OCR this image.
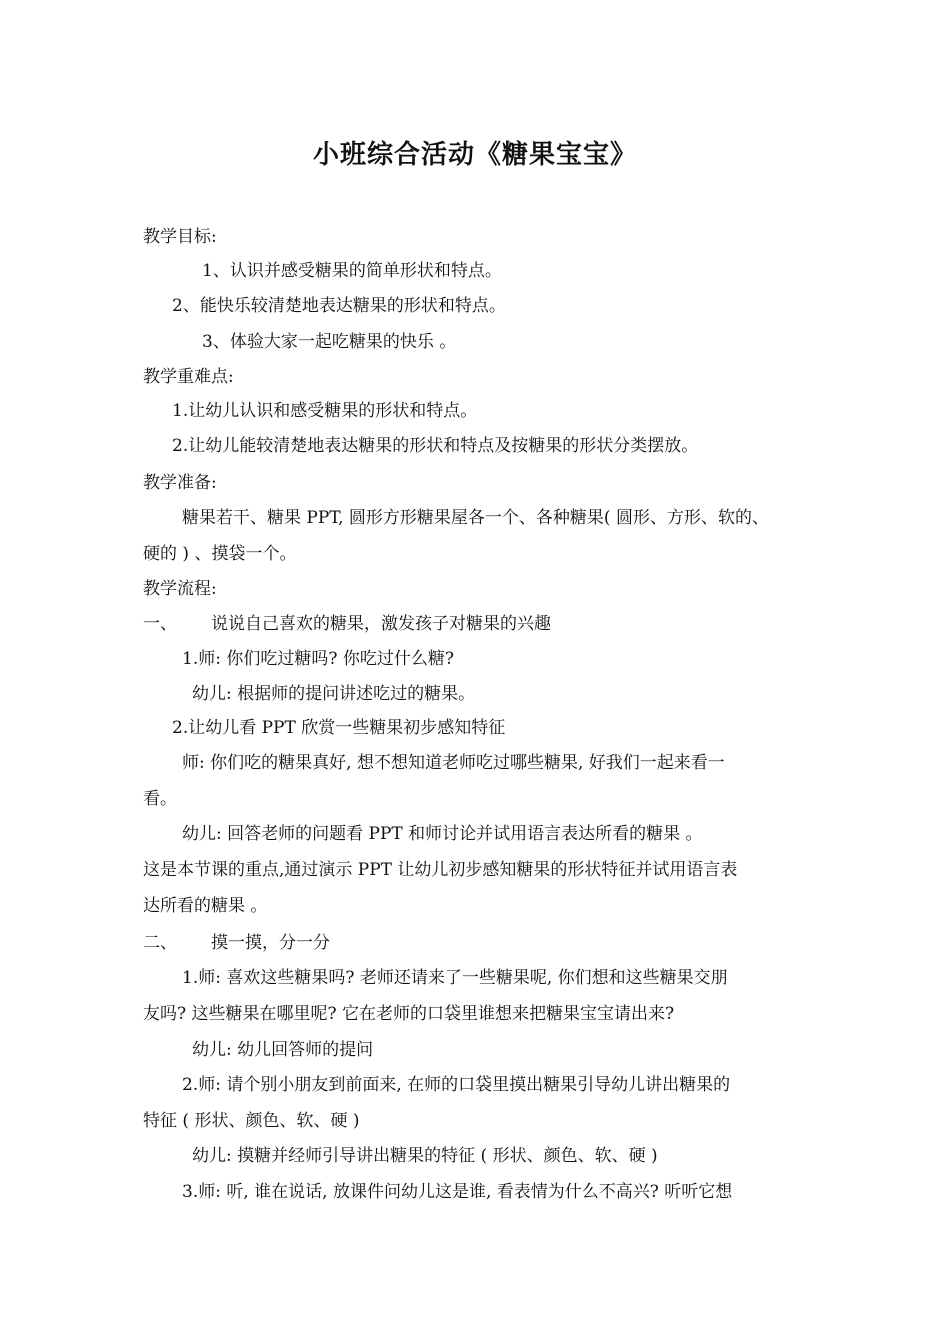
小班综合活动《糖果宝宝》
教学目标:
1、认识并感受糖果的简单形状和特点。
2、能快乐较清楚地表达糖果的形状和特点。
3、体验大家一起吃糖果的快乐 。
教学重难点:
1.让幼儿认识和感受糖果的形状和特点。
2.让幼儿能较清楚地表达糖果的形状和特点及按糖果的形状分类摆放。
教学准备:
糖果若干、糖果 PPT, 圆形方形糖果屋各一个、各种糖果( 圆形、方形、软的、
硬的 ) 、摸袋一个。
教学流程:
一、 说说自己喜欢的糖果，激发孩子对糖果的兴趣
1.师: 你们吃过糖吗? 你吃过什么糖?
幼儿: 根据师的提问讲述吃过的糖果。
2.让幼儿看 PPT 欣赏一些糖果初步感知特征
师: 你们吃的糖果真好, 想不想知道老师吃过哪些糖果, 好我们一起来看一
看。
幼儿: 回答老师的问题看 PPT 和师讨论并试用语言表达所看的糖果 。
这是本节课的重点,通过演示 PPT 让幼儿初步感知糖果的形状特征并试用语言表
达所看的糖果 。
二、 摸一摸，分一分
1.师: 喜欢这些糖果吗? 老师还请来了一些糖果呢, 你们想和这些糖果交朋
友吗? 这些糖果在哪里呢? 它在老师的口袋里谁想来把糖果宝宝请出来?
幼儿: 幼儿回答师的提问
2.师: 请个别小朋友到前面来, 在师的口袋里摸出糖果引导幼儿讲出糖果的
特征 ( 形状、颜色、软、硬 )
幼儿: 摸糖并经师引导讲出糖果的特征 ( 形状、颜色、软、硬 )
3.师: 听, 谁在说话, 放课件问幼儿这是谁, 看表情为什么不高兴? 听听它想
